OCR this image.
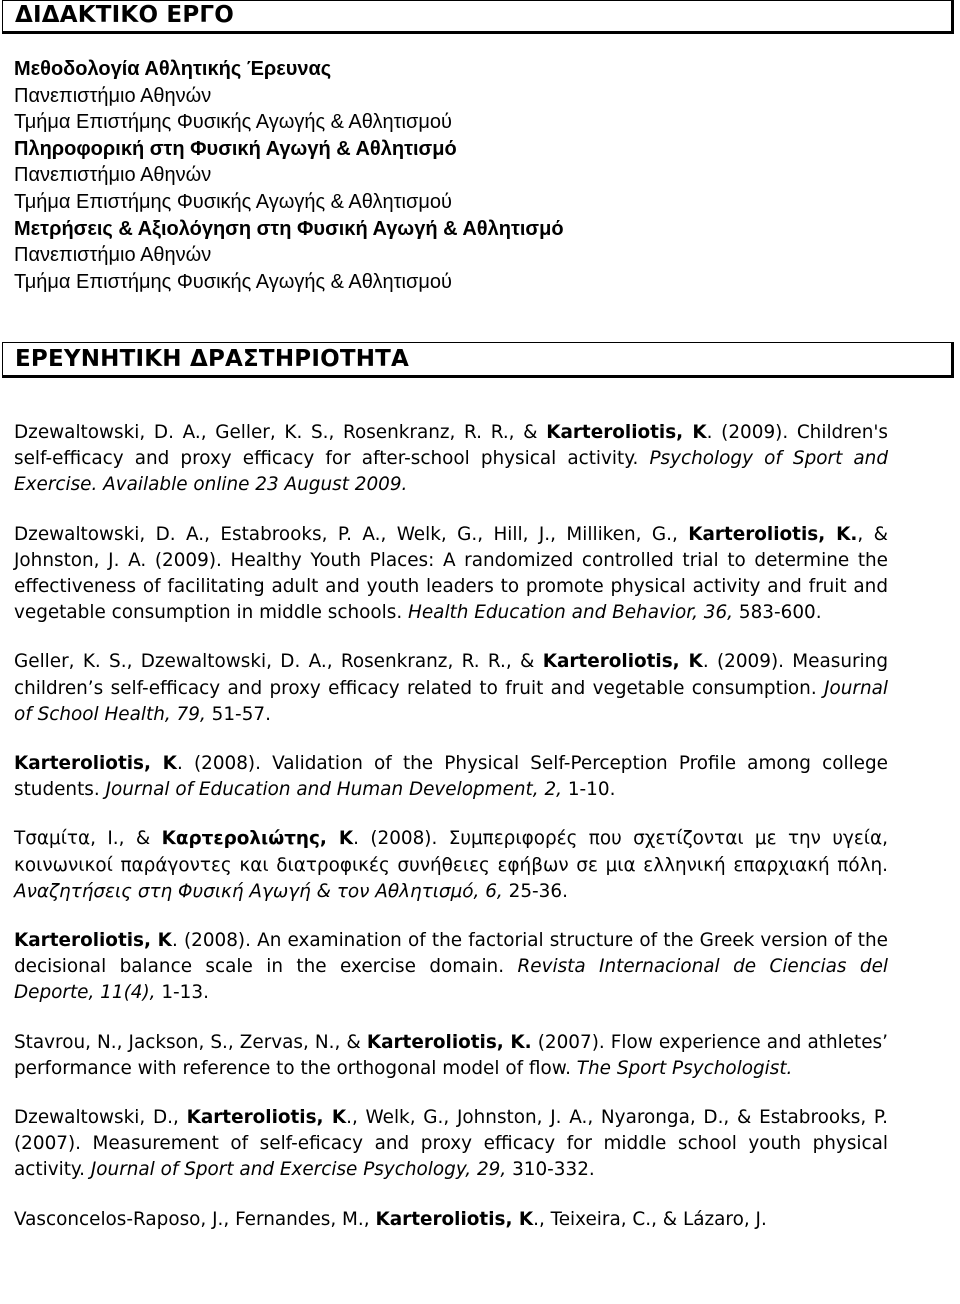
ΔΙΔΑΚΤΙΚΟ ΕΡΓΟ
Μεθοδολογία Αθλητικής Έρευνας
Πανεπιστήμιο Αθηνών
Τμήμα Επιστήμης Φυσικής Αγωγής & Αθλητισμού
Πληροφορική στη Φυσική Αγωγή & Αθλητισμό
Πανεπιστήμιο Αθηνών
Τμήμα Επιστήμης Φυσικής Αγωγής & Αθλητισμού
Μετρήσεις & Αξιολόγηση στη Φυσική Αγωγή & Αθλητισμό
Πανεπιστήμιο Αθηνών
Τμήμα Επιστήμης Φυσικής Αγωγής & Αθλητισμού
ΕΡΕΥΝΗΤΙΚΗ ΔΡΑΣΤΗΡΙΟΤΗΤΑ
Dzewaltowski, D. A., Geller, K. S., Rosenkranz, R. R., & Karteroliotis, K. (2009). Children's self-efficacy and proxy efficacy for after-school physical activity. Psychology of Sport and Exercise. Available online 23 August 2009.
Dzewaltowski, D. A., Estabrooks, P. A., Welk, G., Hill, J., Milliken, G., Karteroliotis, K., & Johnston, J. A. (2009). Healthy Youth Places: A randomized controlled trial to determine the effectiveness of facilitating adult and youth leaders to promote physical activity and fruit and vegetable consumption in middle schools. Health Education and Behavior, 36, 583-600.
Geller, K. S., Dzewaltowski, D. A., Rosenkranz, R. R., & Karteroliotis, K. (2009). Measuring children’s self-efficacy and proxy efficacy related to fruit and vegetable consumption. Journal of School Health, 79, 51-57.
Karteroliotis, K. (2008). Validation of the Physical Self-Perception Profile among college students. Journal of Education and Human Development, 2, 1-10.
Τσαμίτα, Ι., & Καρτερολιώτης, Κ. (2008). Συμπεριφορές που σχετίζονται με την υγεία, κοινωνικοί παράγοντες και διατροφικές συνήθειες εφήβων σε μια ελληνική επαρχιακή πόλη. Αναζητήσεις στη Φυσική Αγωγή & τον Αθλητισμό, 6, 25-36.
Karteroliotis, K. (2008). An examination of the factorial structure of the Greek version of the decisional balance scale in the exercise domain. Revista Internacional de Ciencias del Deporte, 11(4), 1-13.
Stavrou, N., Jackson, S., Zervas, N., & Karteroliotis, K. (2007). Flow experience and athletes’ performance with reference to the orthogonal model of flow. The Sport Psychologist.
Dzewaltowski, D., Karteroliotis, K., Welk, G., Johnston, J. A., Nyaronga, D., & Estabrooks, P. (2007). Measurement of self-eficacy and proxy efficacy for middle school youth physical activity. Journal of Sport and Exercise Psychology, 29, 310-332.
Vasconcelos-Raposo, J., Fernandes, M., Karteroliotis, K., Teixeira, C., & Lázaro, J.
